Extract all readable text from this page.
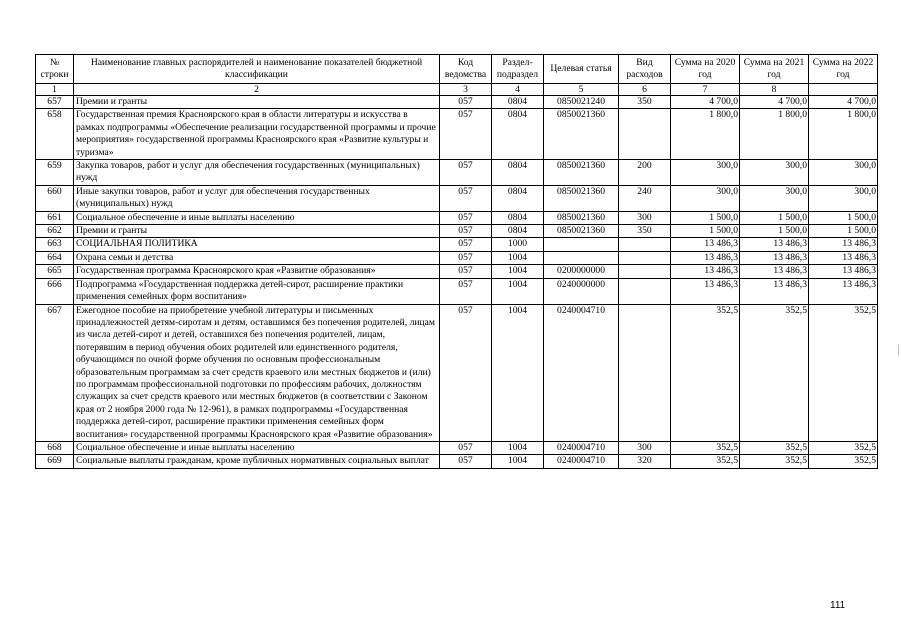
№ строки	Наименование главных распорядителей и наименование показателей бюджетной классификации	Код ведомства	Раздел-подраздел	Целевая статья	Вид расходов	Сумма на 2020 год	Сумма на 2021 год	Сумма на 2022 год
1	2	3	4	5	6	7	8	
657	Премии и гранты	057	0804	0850021240	350	4 700,0	4 700,0	4 700,0
658	Государственная премия Красноярского края в области литературы и искусства в рамках подпрограммы «Обеспечение реализации государственной программы и прочие мероприятия» государственной программы Красноярского края «Развитие культуры и туризма»	057	0804	0850021360		1 800,0	1 800,0	1 800,0
659	Закупка товаров, работ и услуг для обеспечения государственных (муниципальных) нужд	057	0804	0850021360	200	300,0	300,0	300,0
660	Иные закупки товаров, работ и услуг для обеспечения государственных (муниципальных) нужд	057	0804	0850021360	240	300,0	300,0	300,0
661	Социальное обеспечение и иные выплаты населению	057	0804	0850021360	300	1 500,0	1 500,0	1 500,0
662	Премии и гранты	057	0804	0850021360	350	1 500,0	1 500,0	1 500,0
663	СОЦИАЛЬНАЯ ПОЛИТИКА	057	1000			13 486,3	13 486,3	13 486,3
664	Охрана семьи и детства	057	1004			13 486,3	13 486,3	13 486,3
665	Государственная программа Красноярского края «Развитие образования»	057	1004	0200000000		13 486,3	13 486,3	13 486,3
666	Подпрограмма «Государственная поддержка детей-сирот, расширение практики применения семейных форм воспитания»	057	1004	0240000000		13 486,3	13 486,3	13 486,3
667	Ежегодное пособие на приобретение учебной литературы и письменных принадлежностей детям-сиротам и детям, оставшимся без попечения родителей, лицам из числа детей-сирот и детей, оставшихся без попечения родителей, лицам, потерявшим в период обучения обоих родителей или единственного родителя, обучающимся по очной форме обучения по основным профессиональным образовательным программам за счет средств краевого или местных бюджетов и (или) по программам профессиональной подготовки по профессиям рабочих, должностям служащих за счет средств краевого или местных бюджетов (в соответствии с Законом края от 2 ноября 2000 года № 12-961), в рамках подпрограммы «Государственная поддержка детей-сирот, расширение практики применения семейных форм воспитания» государственной программы Красноярского края «Развитие образования»	057	1004	0240004710		352,5	352,5	352,5
668	Социальное обеспечение и иные выплаты населению	057	1004	0240004710	300	352,5	352,5	352,5
669	Социальные выплаты гражданам, кроме публичных нормативных социальных выплат	057	1004	0240004710	320	352,5	352,5	352,5
111
